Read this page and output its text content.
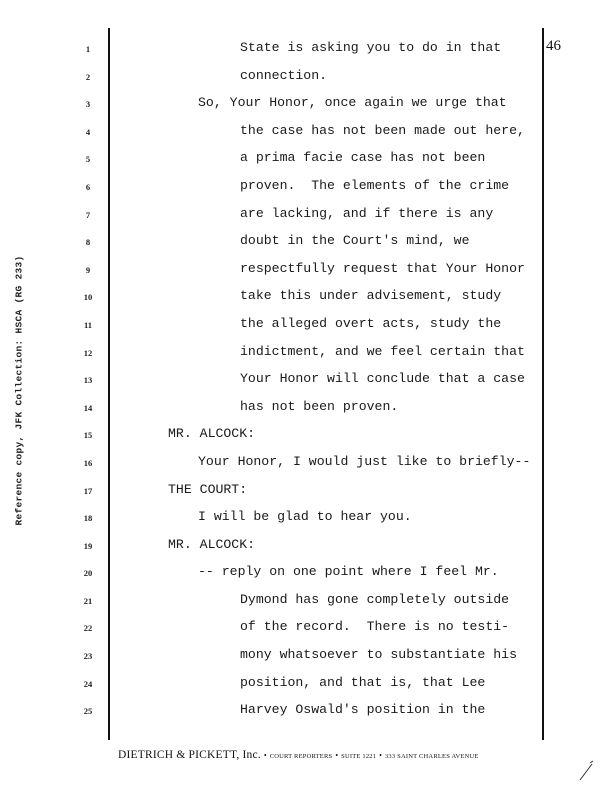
Reference copy, JFK Collection: HSCA (RG 233)
46
1
2
3
4
5
6
7
8
9
10
11
12
13
14
15
16
17
18
19
20
21
22
23
24
25
State is asking you to do in that
connection.
So, Your Honor, once again we urge that
the case has not been made out here,
a prima facie case has not been
proven.  The elements of the crime
are lacking, and if there is any
doubt in the Court's mind, we
respectfully request that Your Honor
take this under advisement, study
the alleged overt acts, study the
indictment, and we feel certain that
Your Honor will conclude that a case
has not been proven.
MR. ALCOCK:
Your Honor, I would just like to briefly--
THE COURT:
I will be glad to hear you.
MR. ALCOCK:
-- reply on one point where I feel Mr.
Dymond has gone completely outside
of the record.  There is no testi-
mony whatsoever to substantiate his
position, and that is, that Lee
Harvey Oswald's position in the
DIETRICH & PICKETT, Inc. • COURT REPORTERS • SUITE 1221 • 333 SAINT CHARLES AVENUE
